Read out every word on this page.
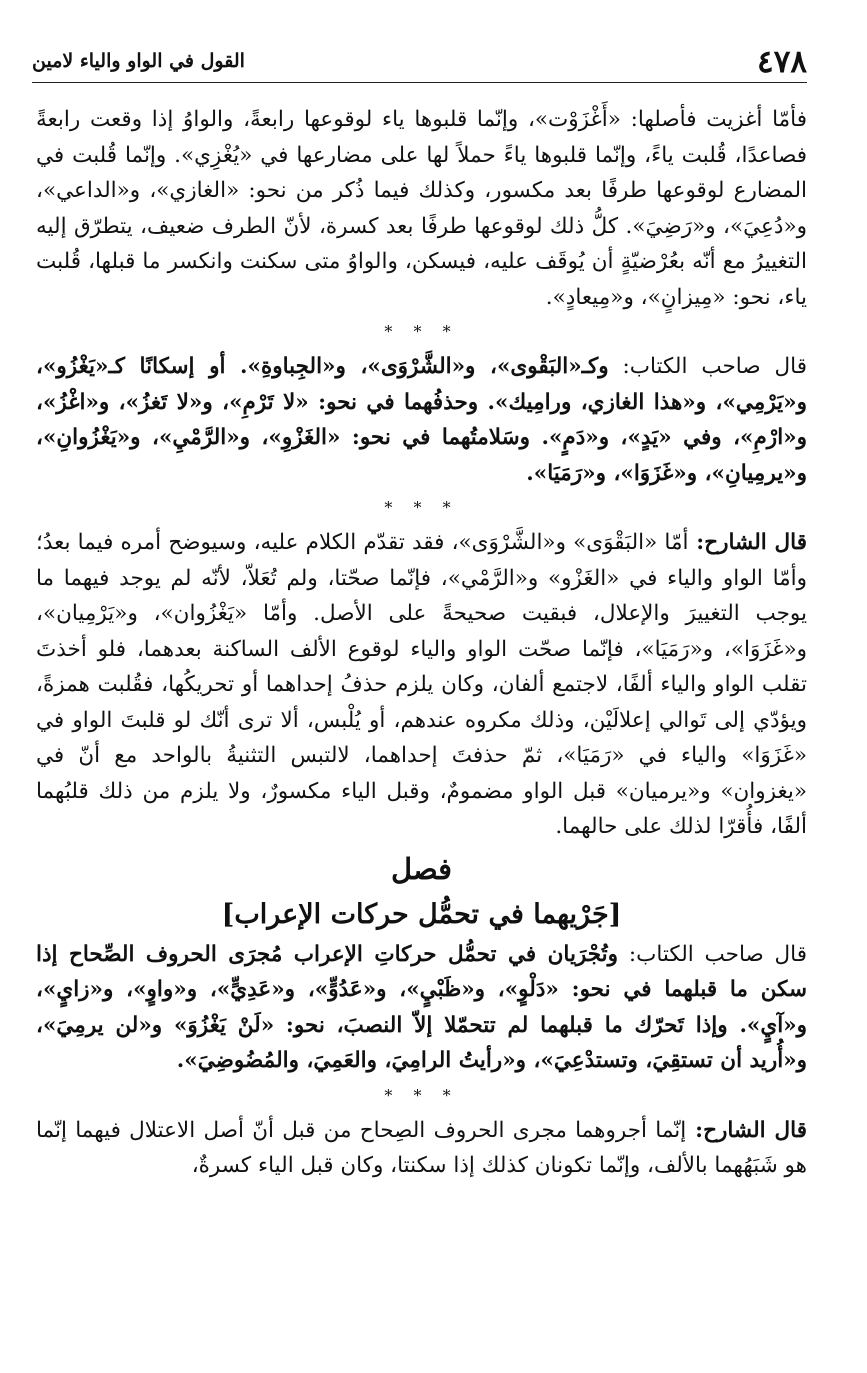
٤٧٨
القول في الواو والياء لامين

فأمّا أغزيت فأصلها: «أَغْزَوْت»، وإنّما قلبوها ياء لوقوعها رابعةً، والواوُ إذا وقعت رابعةً فصاعدًا، قُلبت ياءً، وإنّما قلبوها ياءً حملاً لها على مضارعها في «يُغْزِي». وإنّما قُلبت في المضارع لوقوعها طرفًا بعد مكسور، وكذلك فيما ذُكر من نحو: «الغازي»، و«الداعي»، و«دُعِيَ»، و«رَضِيَ». كلُّ ذلك لوقوعها طرفًا بعد كسرة، لأنّ الطرف ضعيف، يتطرّق إليه التغييرُ مع أنّه بعُرْضيّةٍ أن يُوقَف عليه، فيسكن، والواوُ متى سكنت وانكسر ما قبلها، قُلبت ياء، نحو: «مِيزانٍ»، و«مِيعادٍ».

* * *

قال صاحب الكتاب: وكـ«البَقْوى»، و«الشَّرْوَى»، و«الجِباوةِ». أو إسكانًا كـ«يَغْزُو»، و«يَرْمِي»، و«هذا الغازي، ورامِيك». وحذفُهما في نحو: «لا تَرْمِ»، و«لا تَغزُ»، و«اغْزُ»، و«ارْمِ»، وفي «يَدٍ»، و«دَمٍ». وسَلامتُهما في نحو: «الغَزْوِ»، و«الرَّمْيِ»، و«يَغْزُوانِ»، و«يرمِيانِ»، و«غَزَوَا»، و«رَمَيَا».

* * *

قال الشارح: أمّا «البَقْوَى» و«الشَّرْوَى»، فقد تقدّم الكلام عليه، وسيوضح أمره فيما بعدُ؛ وأمّا الواو والياء في «الغَزْو» و«الرَّمْي»، فإنّما صحّتا، ولم تُعَلاّ، لأنّه لم يوجد فيهما ما يوجب التغييرَ والإعلال، فبقيت صحيحةً على الأصل. وأمّا «يَغْزُوان»، و«يَرْمِيان»، و«غَزَوَا»، و«رَمَيَا»، فإنّما صحّت الواو والياء لوقوع الألف الساكنة بعدهما، فلو أخذتَ تقلب الواو والياء ألفًا، لاجتمع ألفان، وكان يلزم حذفُ إحداهما أو تحريكُها، فقُلبت همزةً، ويؤدّي إلى تَوالي إعلالَيْن، وذلك مكروه عندهم، أو يُلْبس، ألا ترى أنّك لو قلبتَ الواو في «غَزَوَا» والياء في «رَمَيَا»، ثمّ حذفتَ إحداهما، لالتبس التثنيةُ بالواحد مع أنّ في «يغزوان» و«يرميان» قبل الواو مضمومٌ، وقبل الياء مكسورٌ، ولا يلزم من ذلك قلبُهما ألفًا، فأُقرّا لذلك على حالهما.

فصل
[جَرْيهما في تحمُّل حركات الإعراب]

قال صاحب الكتاب: وتُجْرَيان في تحمُّل حركاتِ الإعراب مُجرَى الحروف الصِّحاح إذا سكن ما قبلهما في نحو: «دَلْوٍ»، و«ظَبْيٍ»، و«عَدُوٍّ»، و«عَدِيٍّ»، و«واوٍ»، و«زايٍ»، و«آيٍ». وإذا تَحرّك ما قبلهما لم تتحمّلا إلاّ النصبَ، نحو: «لَنْ يَغْزُوَ» و«لن يرمِيَ»، و«أُريد أن تستقِيَ، وتستدْعِيَ»، و«رأيتُ الرامِيَ، والعَمِيَ، والمُضُوضِيَ».

* * *

قال الشارح: إنّما أجروهما مجرى الحروف الصِحاح من قبل أنّ أصل الاعتلال فيهما إنّما هو شَبَهُهما بالألف، وإنّما تكونان كذلك إذا سكنتا، وكان قبل الياء كسرةٌ،
